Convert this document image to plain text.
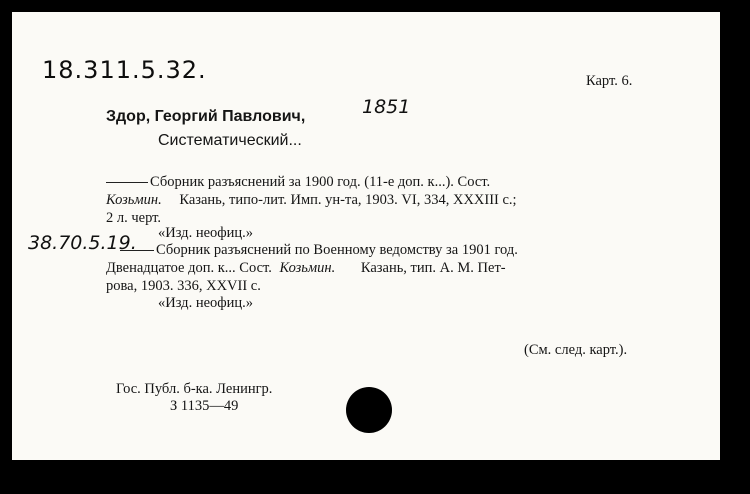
18.311.5.32.	Карт. 6.
Здор, Георгий Павлович,	1851
Систематический...
Сборник разъяснений за 1900 год. (11-е доп. к...). Сост.
Козьмин. Казань, типо-лит. Имп. ун-та, 1903. VI, 334, XXXIII с.;
2 л. черт.
«Изд. неофиц.»
38.70.5.19.	Сборник разъяснений по Военному ведомству за 1901 год.
Двенадцатое доп. к... Сост. Козьмин. Казань, тип. А. М. Пет-
рова, 1903. 336, XXVII с.
«Изд. неофиц.»
(См. след. карт.).
Гос. Публ. б-ка. Ленингр.
З 1135—49
